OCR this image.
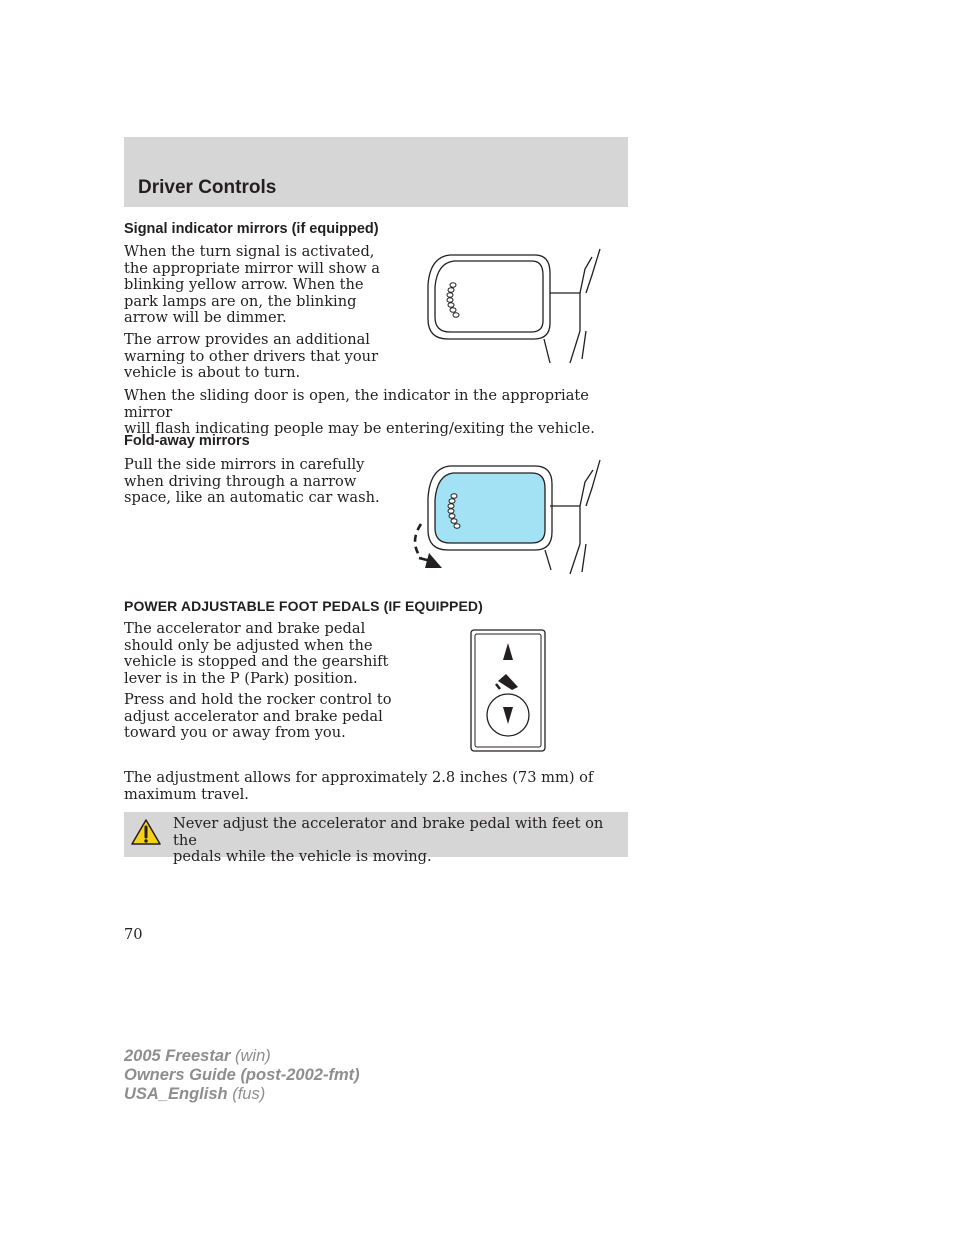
Driver Controls
Signal indicator mirrors (if equipped)
When the turn signal is activated,
the appropriate mirror will show a
blinking yellow arrow. When the
park lamps are on, the blinking
arrow will be dimmer.
The arrow provides an additional
warning to other drivers that your
vehicle is about to turn.
When the sliding door is open, the indicator in the appropriate mirror
will flash indicating people may be entering/exiting the vehicle.
Fold-away mirrors
Pull the side mirrors in carefully
when driving through a narrow
space, like an automatic car wash.
POWER ADJUSTABLE FOOT PEDALS (IF EQUIPPED)
The accelerator and brake pedal
should only be adjusted when the
vehicle is stopped and the gearshift
lever is in the P (Park) position.
Press and hold the rocker control to
adjust accelerator and brake pedal
toward you or away from you.
The adjustment allows for approximately 2.8 inches (73 mm) of
maximum travel.
Never adjust the accelerator and brake pedal with feet on the
pedals while the vehicle is moving.
70
2005 Freestar (win)
Owners Guide (post-2002-fmt)
USA_English (fus)
